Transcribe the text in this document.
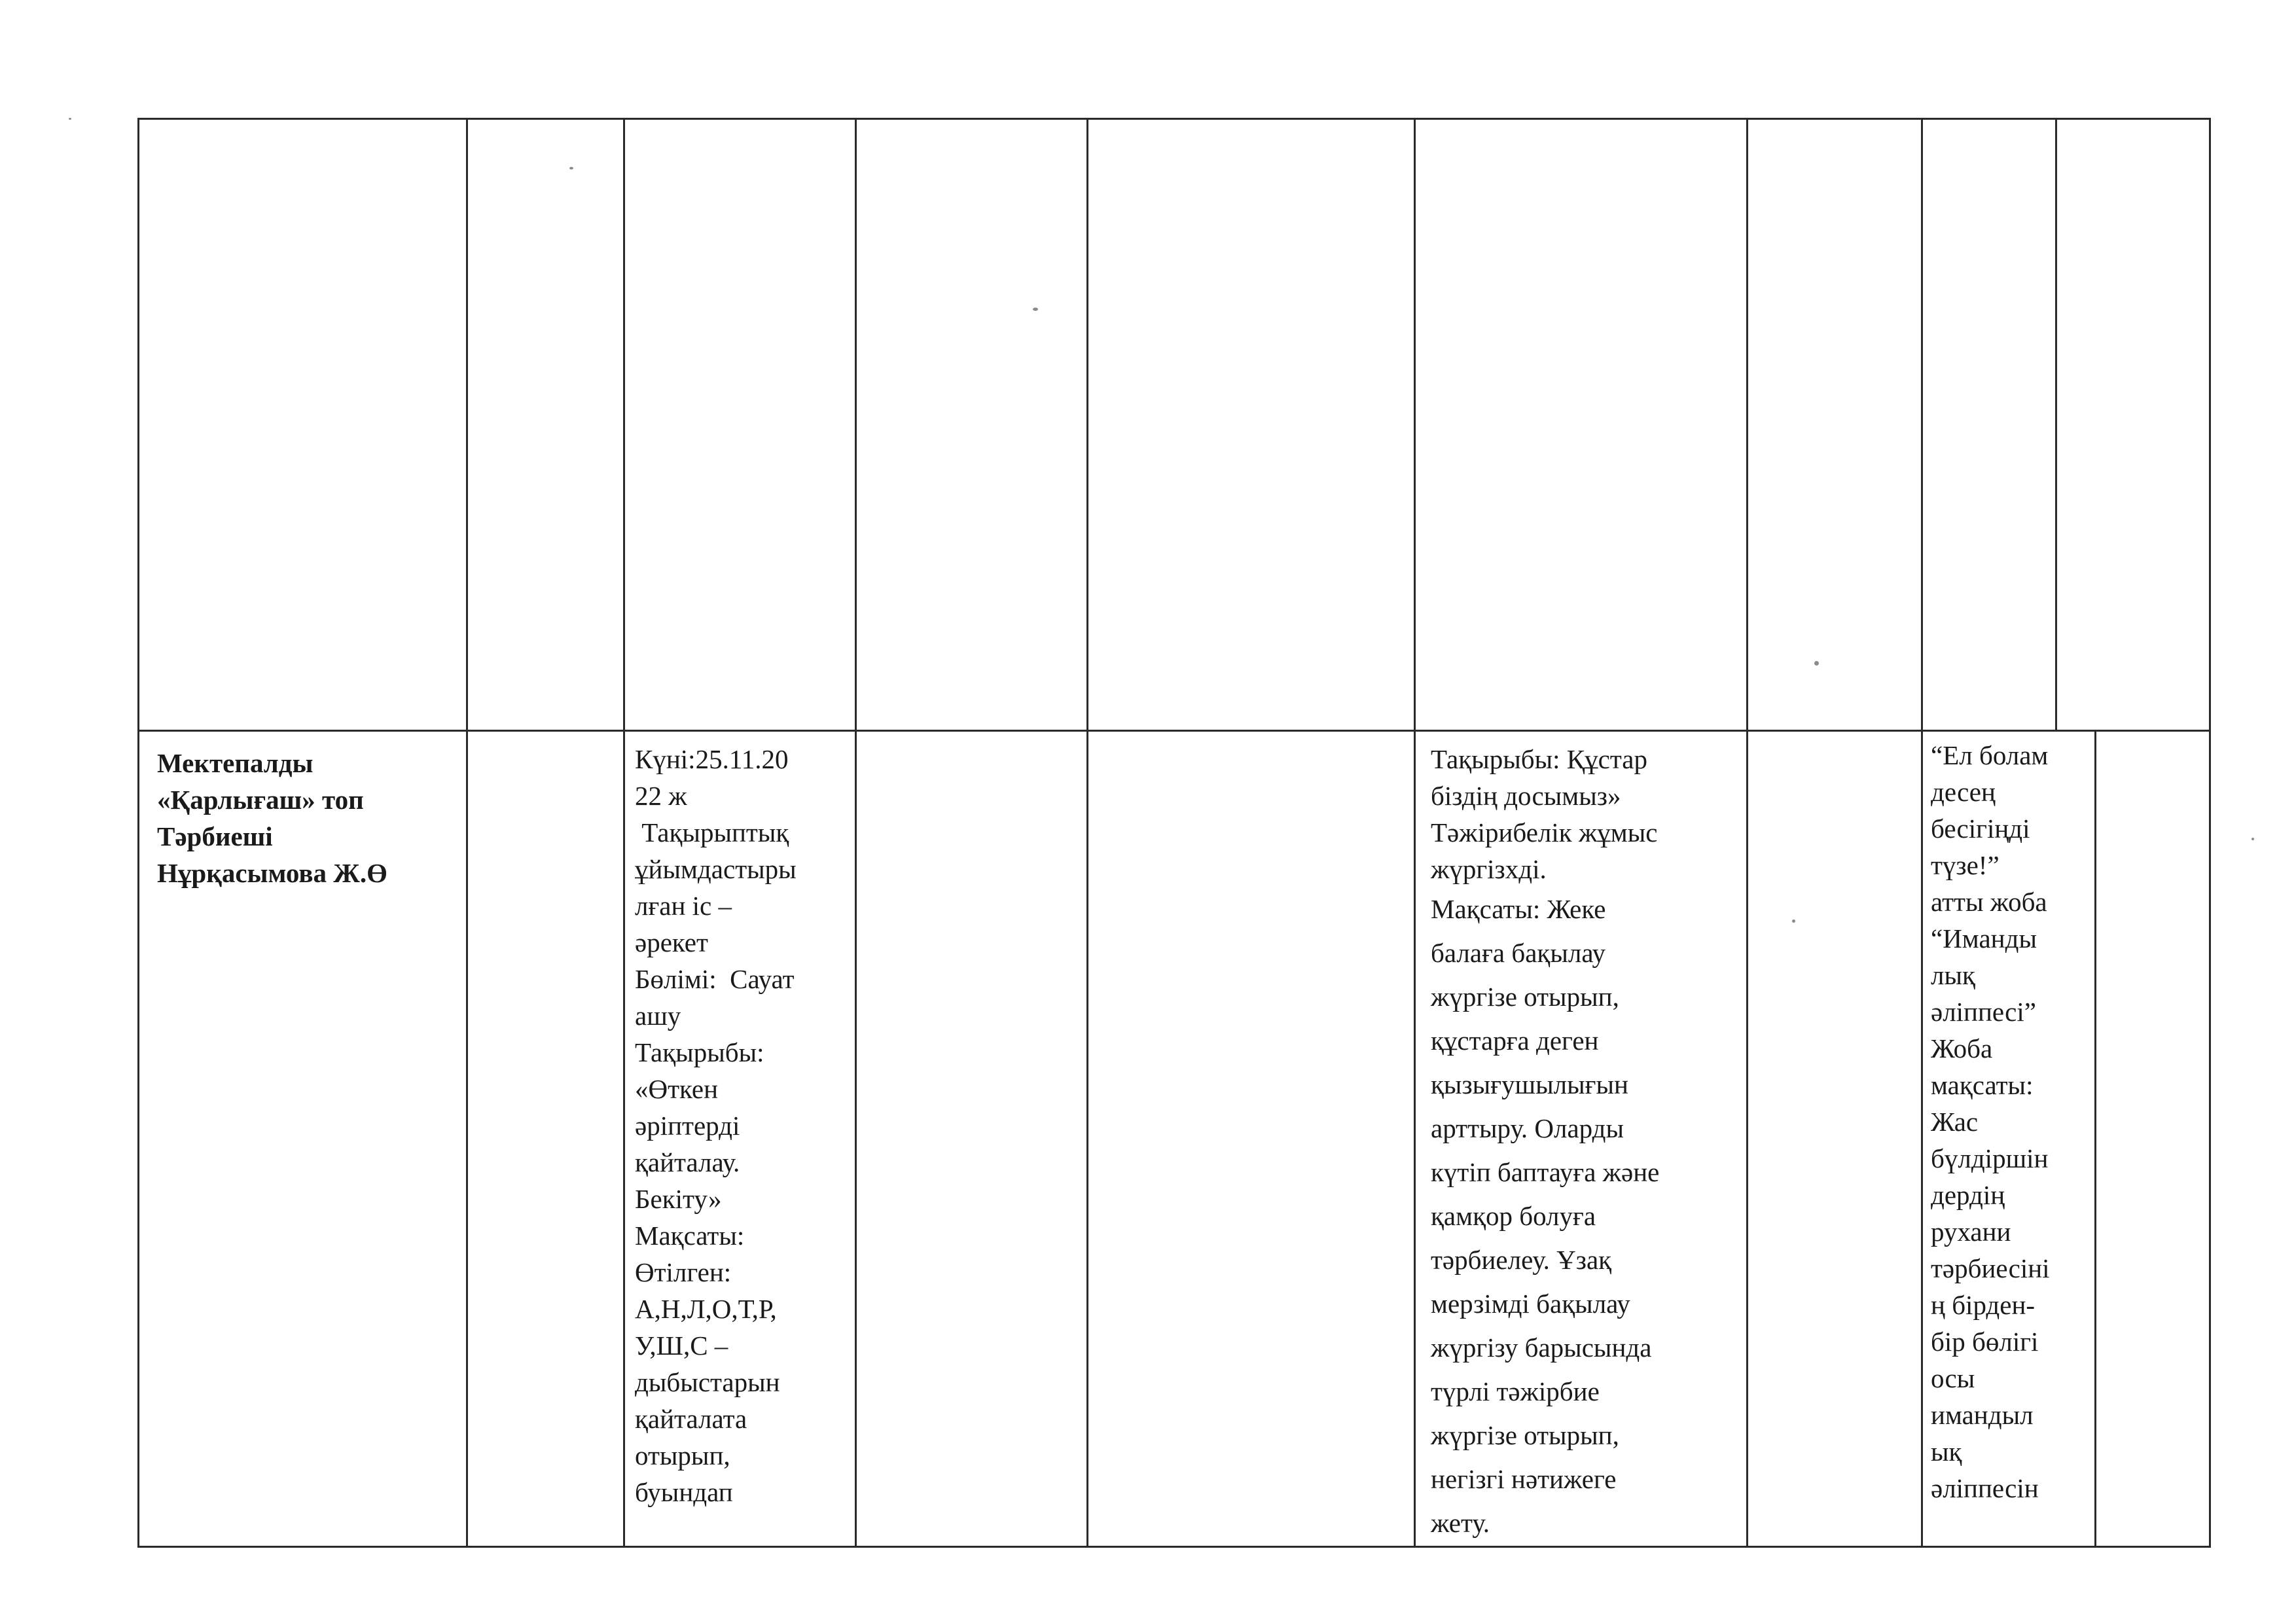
Мектепалды
«Қарлығаш» топ
Тәрбиеші
Нұрқасымова Ж.Ө
Күні:25.11.20
22 ж
Тақырыптық
ұйымдастыры
лған іс –
әрекет
Бөлімі:  Сауат
ашу
Тақырыбы:
«Өткен
әріптерді
қайталау.
Бекіту»
Мақсаты:
Өтілген:
А,Н,Л,О,Т,Р,
У,Ш,С –
дыбыстарын
қайталата
отырып,
буындап
Тақырыбы: Құстар
біздің досымыз»
Тәжірибелік жұмыс
жүргізхді.
Мақсаты: Жеке
балаға бақылау
жүргізе отырып,
құстарға деген
қызығушылығын
арттыру. Оларды
күтіп баптауға және
қамқор болуға
тәрбиелеу. Ұзақ
мерзімді бақылау
жүргізу барысында
түрлі тәжірбие
жүргізе отырып,
негізгі нәтижеге
жету.
“Ел болам
десең
бесігіңді
түзе!”
атты жоба
“Иманды
лық
әліппесі”
Жоба
мақсаты:
Жас
бүлдіршін
дердің
рухани
тәрбиесіні
ң бірден-
бір бөлігі
осы
имандыл
ық
әліппесін
